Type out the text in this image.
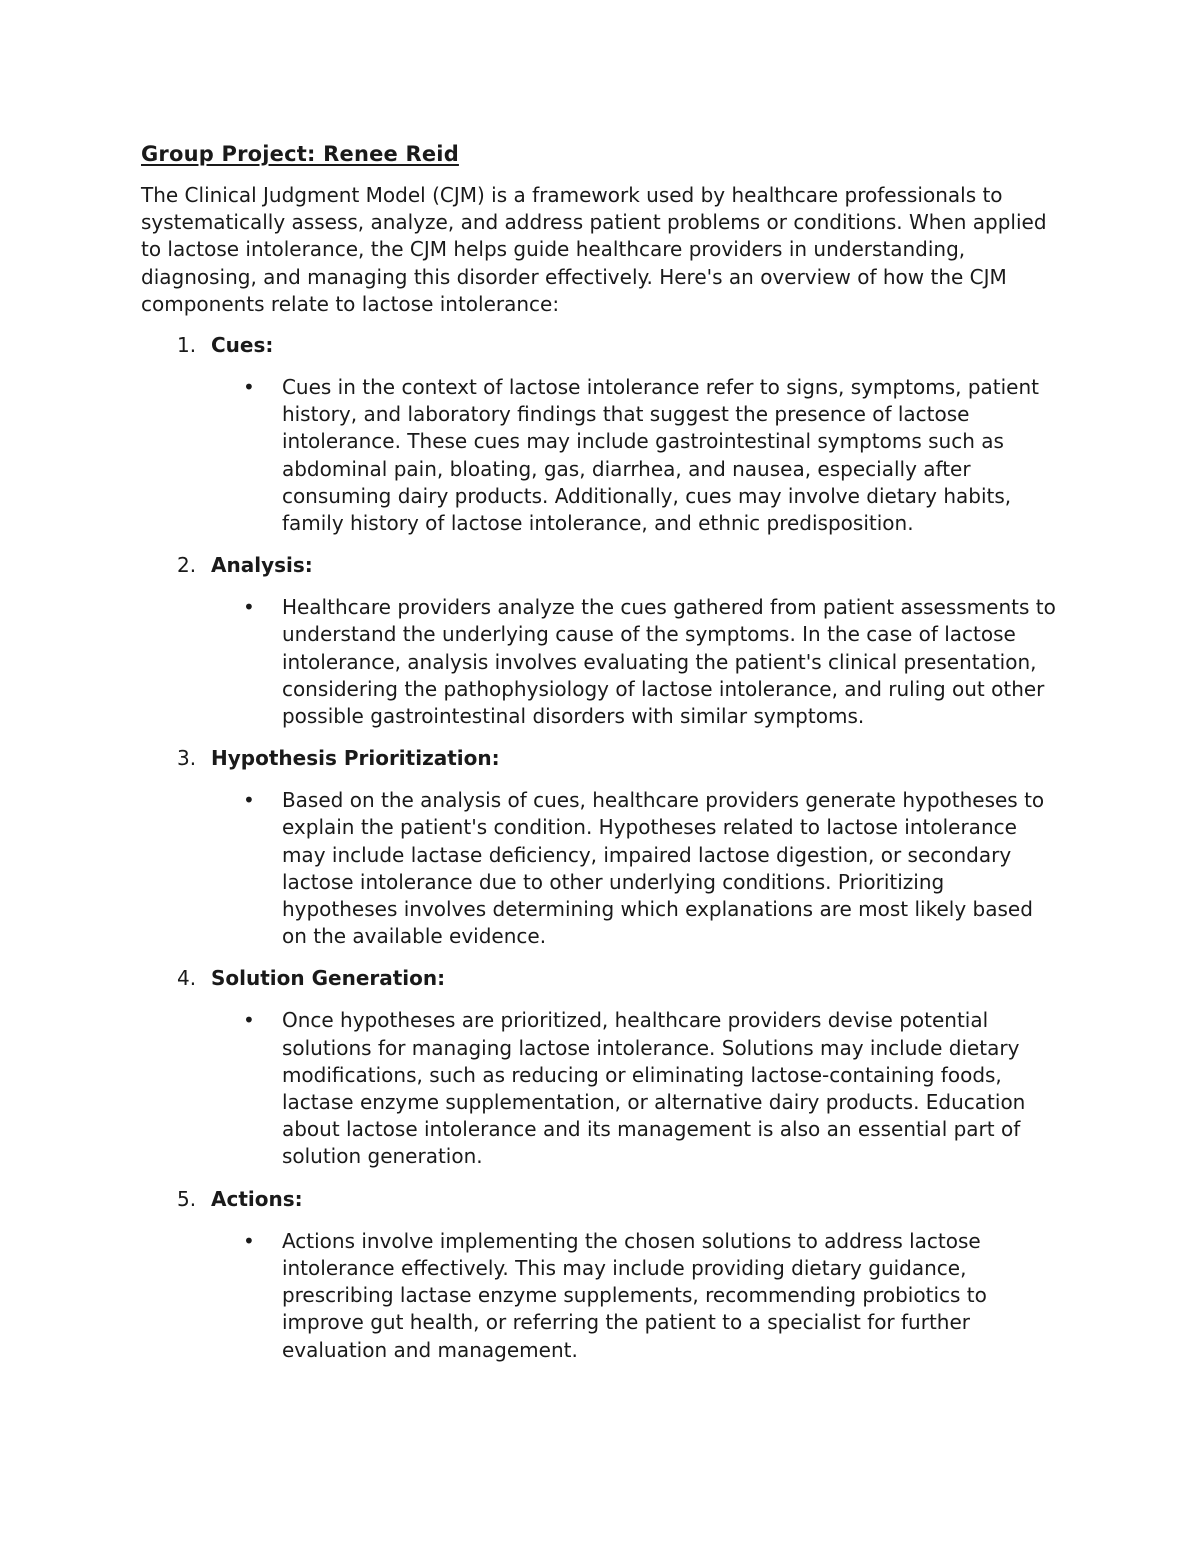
Group Project: Renee Reid

The Clinical Judgment Model (CJM) is a framework used by healthcare professionals to systematically assess, analyze, and address patient problems or conditions. When applied to lactose intolerance, the CJM helps guide healthcare providers in understanding, diagnosing, and managing this disorder effectively. Here's an overview of how the CJM components relate to lactose intolerance:

1. Cues:
•	Cues in the context of lactose intolerance refer to signs, symptoms, patient history, and laboratory findings that suggest the presence of lactose intolerance. These cues may include gastrointestinal symptoms such as abdominal pain, bloating, gas, diarrhea, and nausea, especially after consuming dairy products. Additionally, cues may involve dietary habits, family history of lactose intolerance, and ethnic predisposition.
2. Analysis:
•	Healthcare providers analyze the cues gathered from patient assessments to understand the underlying cause of the symptoms. In the case of lactose intolerance, analysis involves evaluating the patient's clinical presentation, considering the pathophysiology of lactose intolerance, and ruling out other possible gastrointestinal disorders with similar symptoms.
3. Hypothesis Prioritization:
•	Based on the analysis of cues, healthcare providers generate hypotheses to explain the patient's condition. Hypotheses related to lactose intolerance may include lactase deficiency, impaired lactose digestion, or secondary lactose intolerance due to other underlying conditions. Prioritizing hypotheses involves determining which explanations are most likely based on the available evidence.
4. Solution Generation:
•	Once hypotheses are prioritized, healthcare providers devise potential solutions for managing lactose intolerance. Solutions may include dietary modifications, such as reducing or eliminating lactose-containing foods, lactase enzyme supplementation, or alternative dairy products. Education about lactose intolerance and its management is also an essential part of solution generation.
5. Actions:
•	Actions involve implementing the chosen solutions to address lactose intolerance effectively. This may include providing dietary guidance, prescribing lactase enzyme supplements, recommending probiotics to improve gut health, or referring the patient to a specialist for further evaluation and management.
